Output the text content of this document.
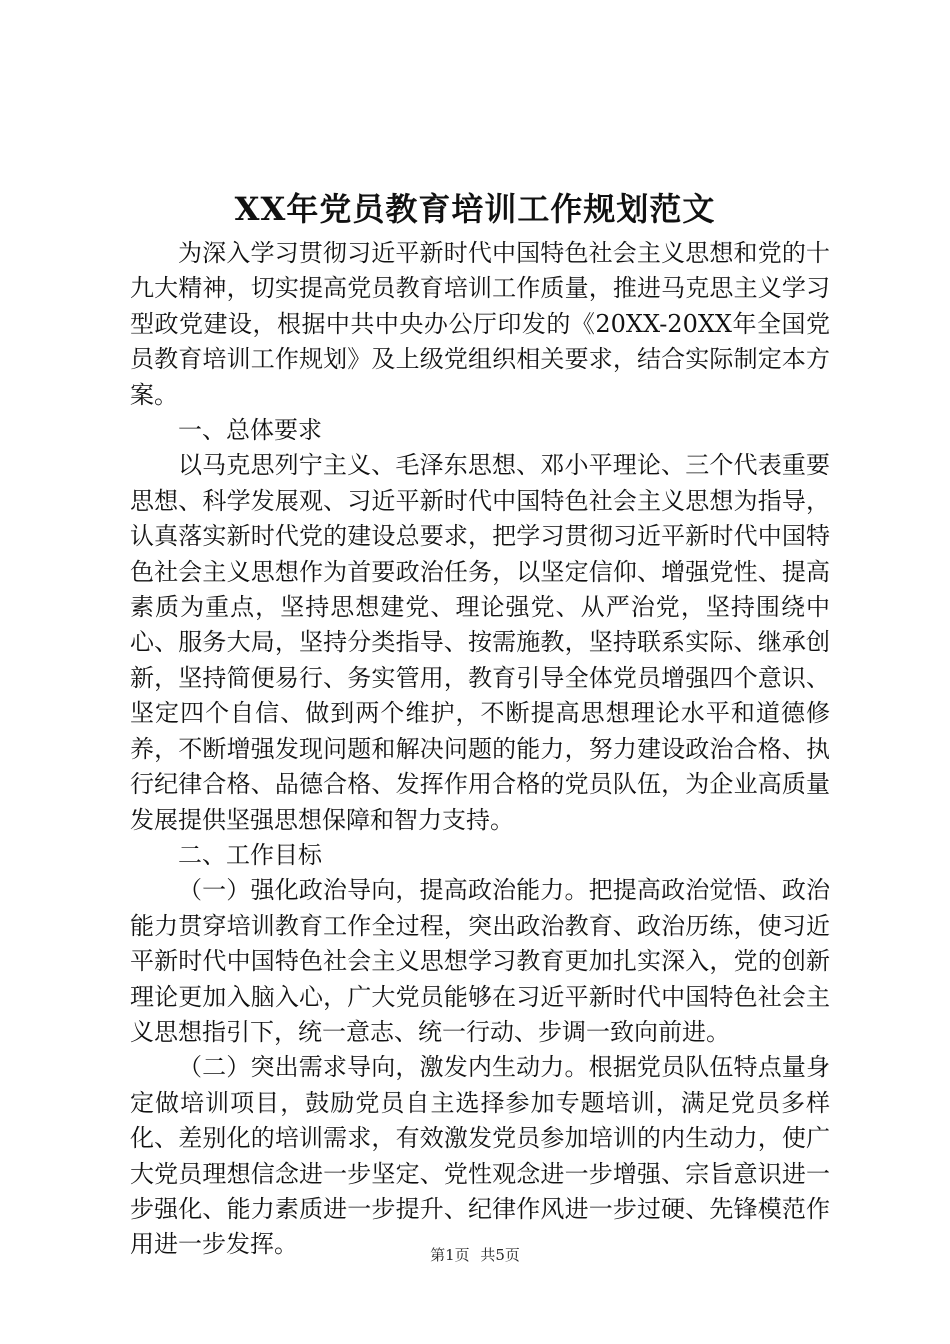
XX年党员教育培训工作规划范文

为深入学习贯彻习近平新时代中国特色社会主义思想和党的十九大精神，切实提高党员教育培训工作质量，推进马克思主义学习型政党建设，根据中共中央办公厅印发的《20XX-20XX年全国党员教育培训工作规划》及上级党组织相关要求，结合实际制定本方案。

一、总体要求

以马克思列宁主义、毛泽东思想、邓小平理论、三个代表重要思想、科学发展观、习近平新时代中国特色社会主义思想为指导，认真落实新时代党的建设总要求，把学习贯彻习近平新时代中国特色社会主义思想作为首要政治任务，以坚定信仰、增强党性、提高素质为重点，坚持思想建党、理论强党、从严治党，坚持围绕中心、服务大局，坚持分类指导、按需施教，坚持联系实际、继承创新，坚持简便易行、务实管用，教育引导全体党员增强四个意识、坚定四个自信、做到两个维护，不断提高思想理论水平和道德修养，不断增强发现问题和解决问题的能力，努力建设政治合格、执行纪律合格、品德合格、发挥作用合格的党员队伍，为企业高质量发展提供坚强思想保障和智力支持。

二、工作目标

（一）强化政治导向，提高政治能力。把提高政治觉悟、政治能力贯穿培训教育工作全过程，突出政治教育、政治历练，使习近平新时代中国特色社会主义思想学习教育更加扎实深入，党的创新理论更加入脑入心，广大党员能够在习近平新时代中国特色社会主义思想指引下，统一意志、统一行动、步调一致向前进。

（二）突出需求导向，激发内生动力。根据党员队伍特点量身定做培训项目，鼓励党员自主选择参加专题培训，满足党员多样化、差别化的培训需求，有效激发党员参加培训的内生动力，使广大党员理想信念进一步坚定、党性观念进一步增强、宗旨意识进一步强化、能力素质进一步提升、纪律作风进一步过硬、先锋模范作用进一步发挥。	第1页 共5页
